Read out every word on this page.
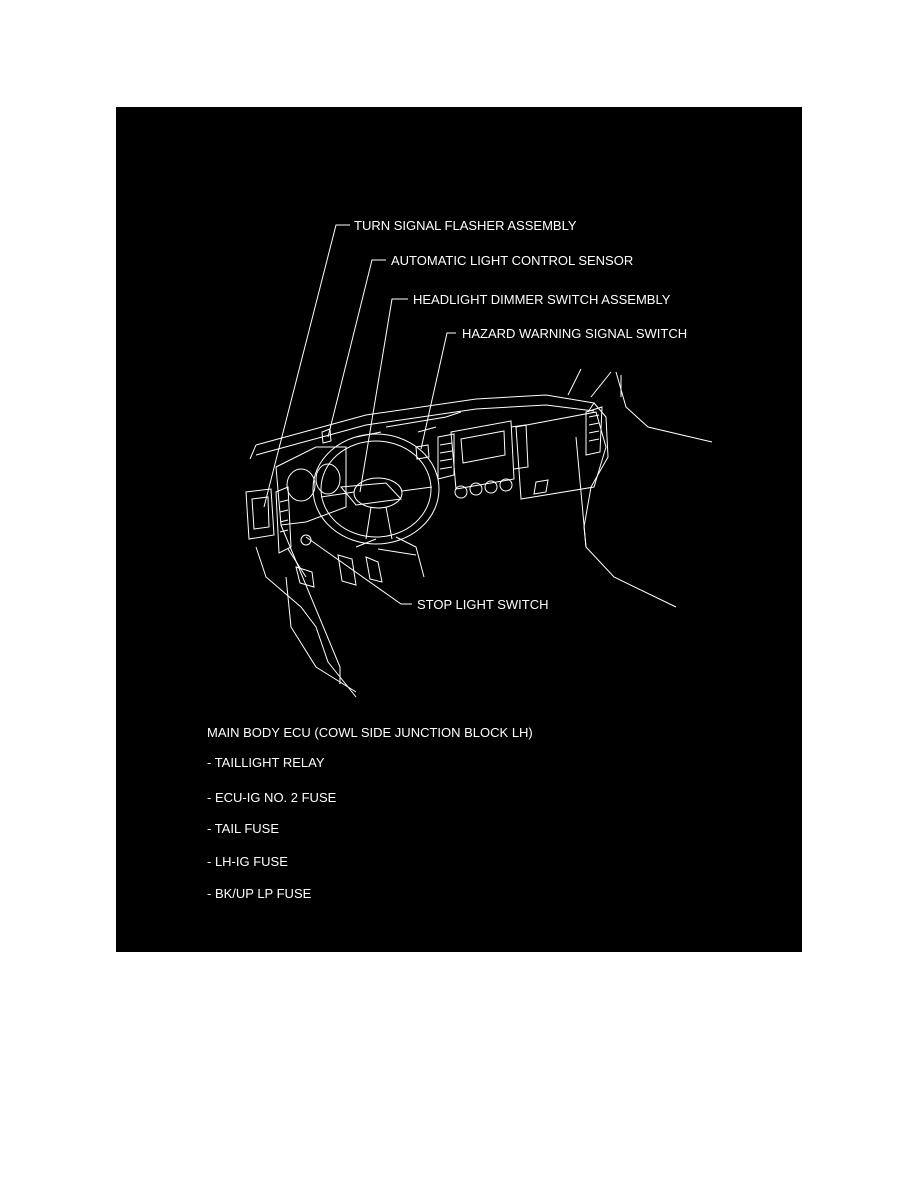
TURN SIGNAL FLASHER ASSEMBLY
AUTOMATIC LIGHT CONTROL SENSOR
HEADLIGHT DIMMER SWITCH ASSEMBLY
HAZARD WARNING SIGNAL SWITCH
STOP LIGHT SWITCH
MAIN BODY ECU (COWL SIDE JUNCTION BLOCK LH)
- TAILLIGHT RELAY
- ECU-IG NO. 2 FUSE
- TAIL FUSE
- LH-IG FUSE
- BK/UP LP FUSE
